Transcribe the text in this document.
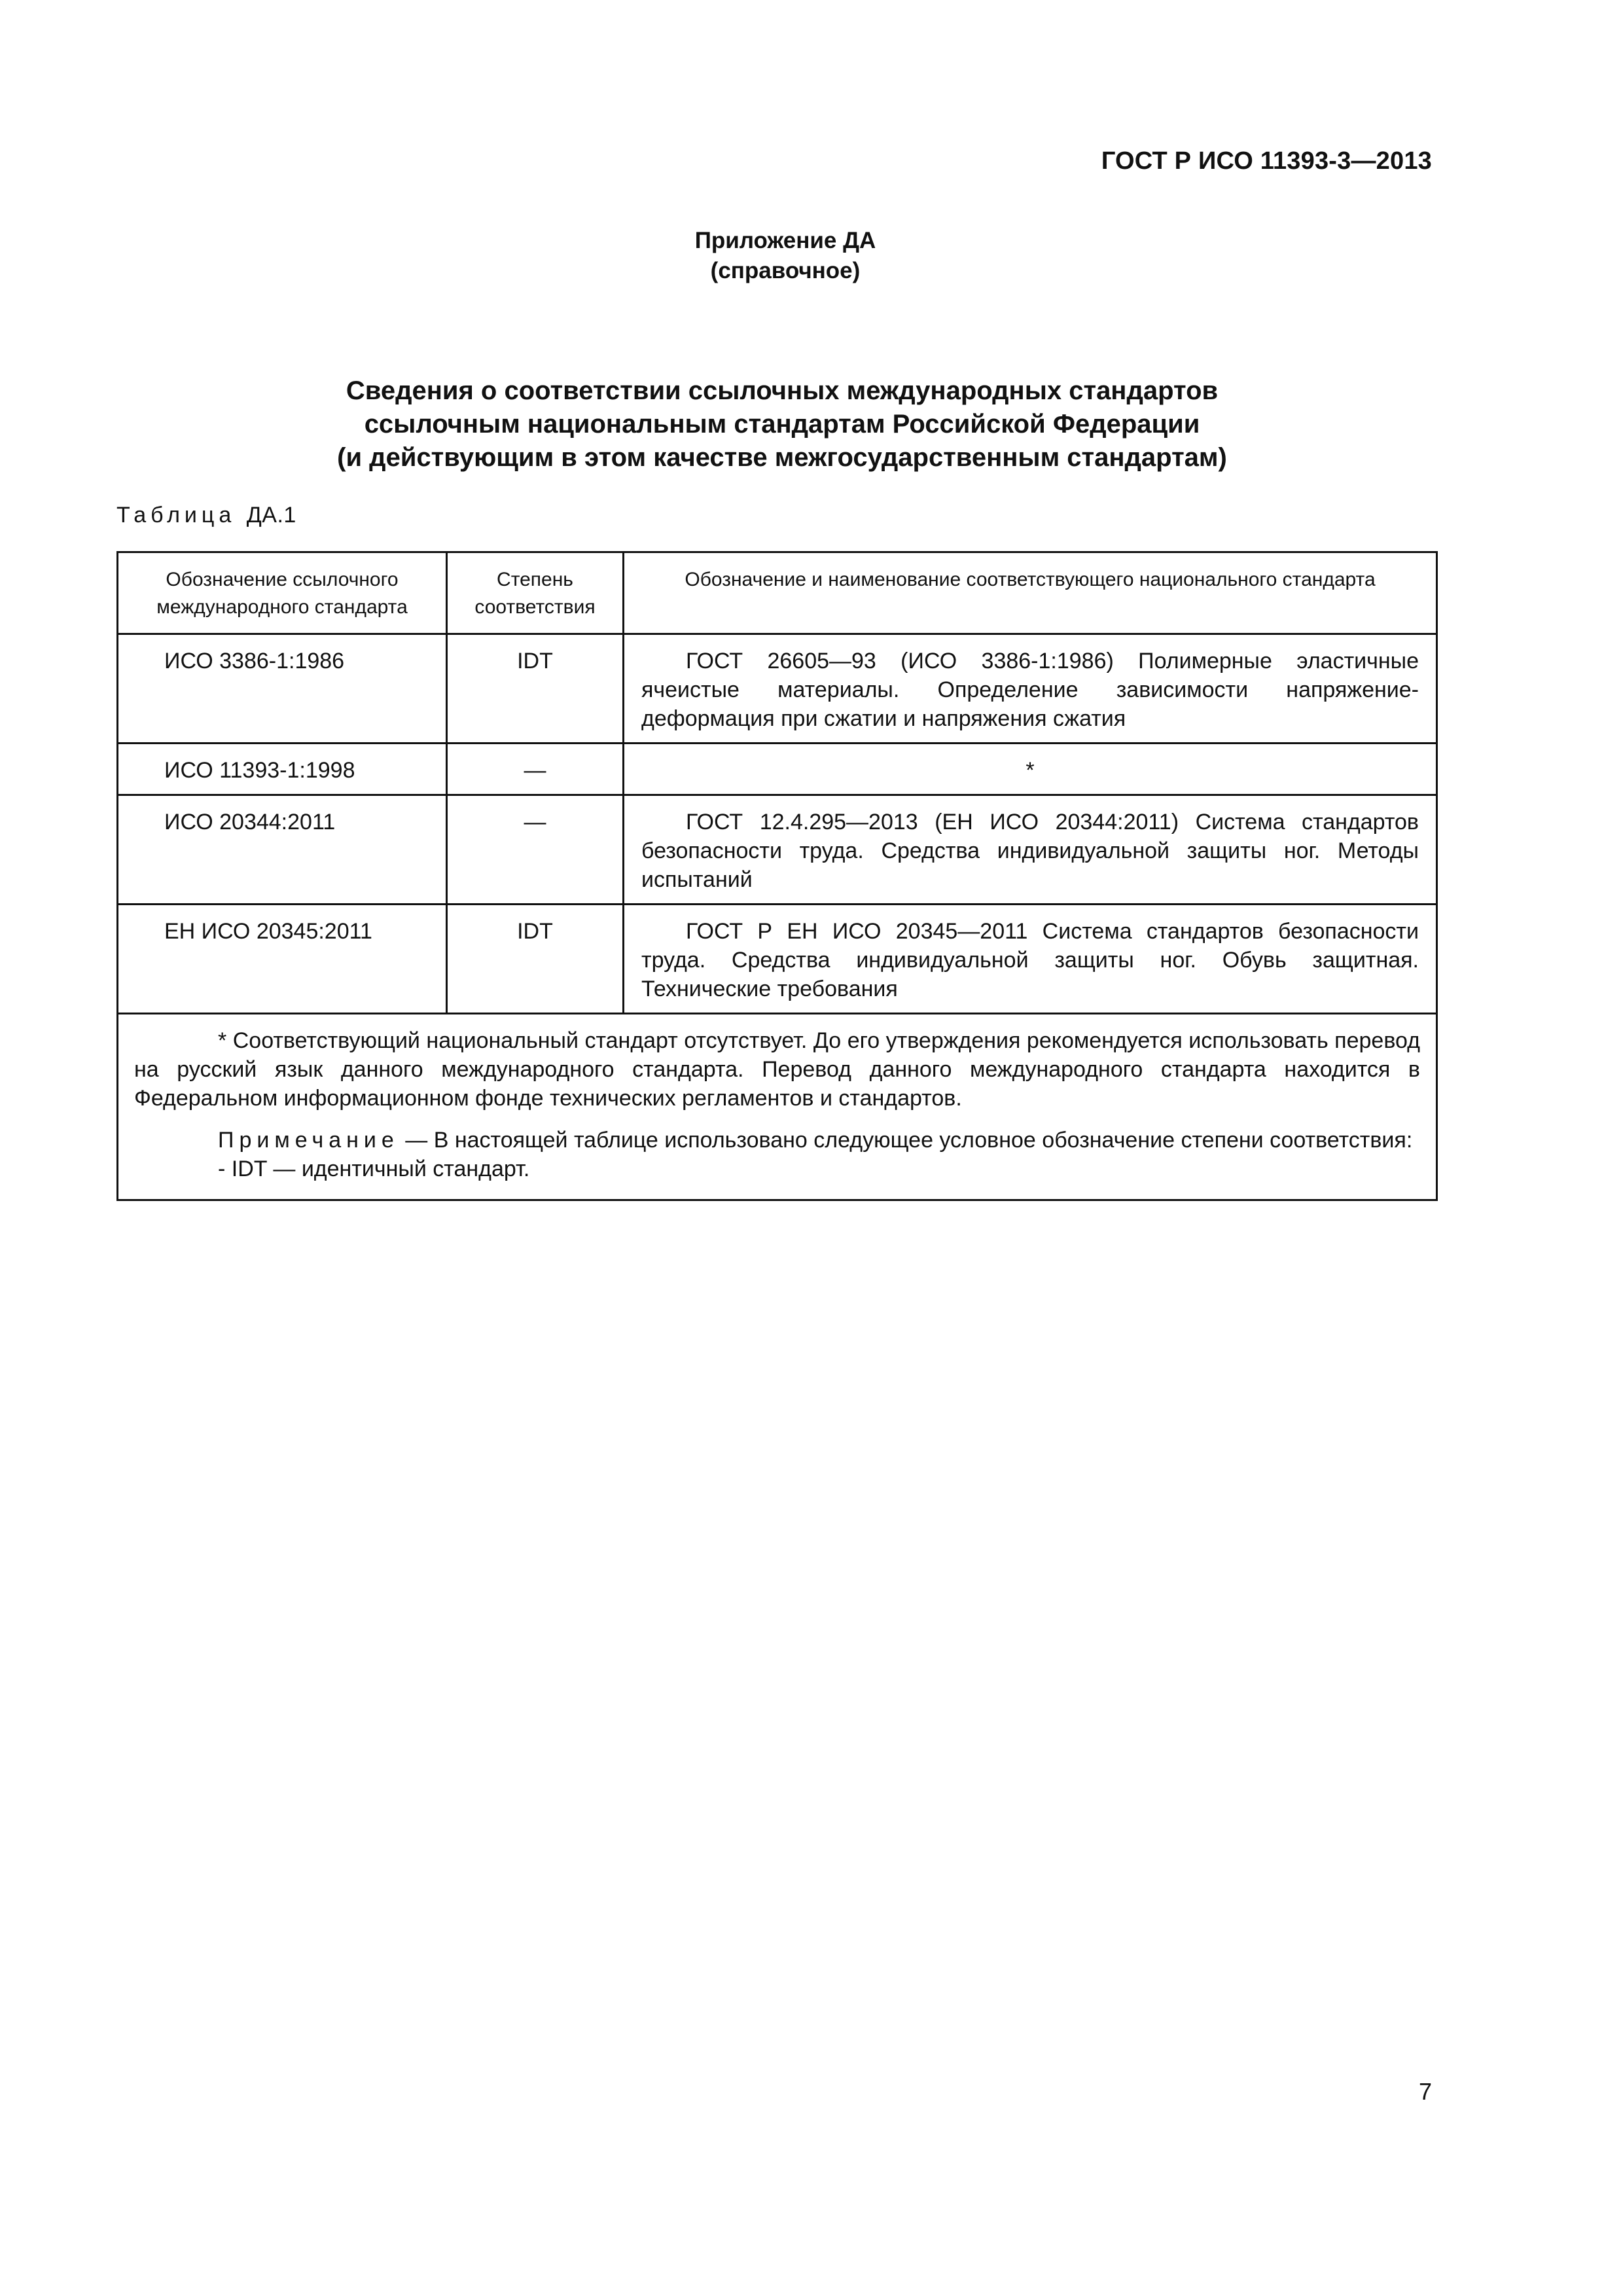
ГОСТ Р ИСО 11393-3—2013
Приложение ДА
(справочное)
Сведения о соответствии ссылочных международных стандартов
ссылочным национальным стандартам Российской Федерации
(и действующим в этом качестве межгосударственным стандартам)
Таблица ДА.1
Обозначение ссылочного международного стандарта	Степень соответствия	Обозначение и наименование соответствующего национального стандарта
ИСО 3386-1:1986	IDT	ГОСТ 26605—93 (ИСО 3386-1:1986) Полимерные эластичные ячеистые материалы. Определение зависимости напряжение-деформация при сжатии и напряжения сжатия
ИСО 11393-1:1998	—	*
ИСО 20344:2011	—	ГОСТ 12.4.295—2013 (ЕН ИСО 20344:2011) Система стандартов безопасности труда. Средства индивидуальной защиты ног. Методы испытаний
ЕН ИСО 20345:2011	IDT	ГОСТ Р ЕН ИСО 20345—2011 Система стандартов безопасности труда. Средства индивидуальной защиты ног. Обувь защитная. Технические требования

* Соответствующий национальный стандарт отсутствует. До его утверждения рекомендуется использовать перевод на русский язык данного международного стандарта. Перевод данного международного стандарта находится в Федеральном информационном фонде технических регламентов и стандартов.

Примечание — В настоящей таблице использовано следующее условное обозначение степени соответствия:

- IDT — идентичный стандарт.		

7
